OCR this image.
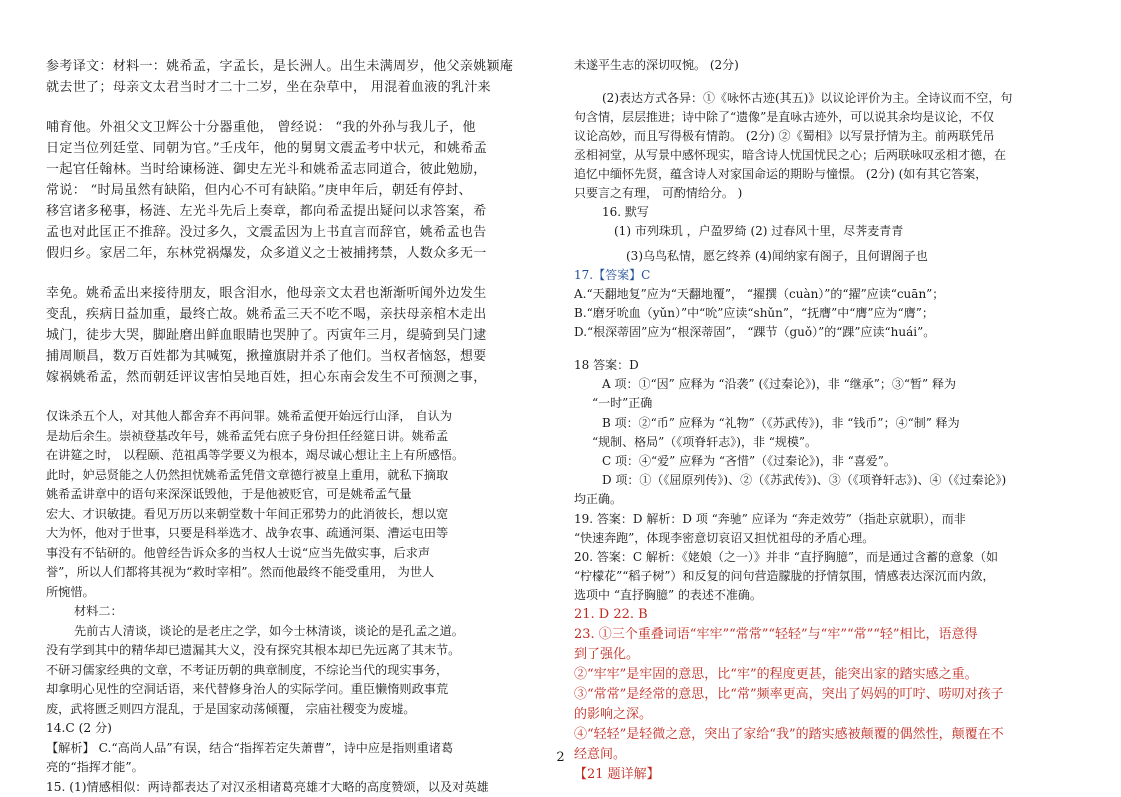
参考译文：材料一：姚希孟，字孟长，是长洲人。出生未满周岁，他父亲姚颖庵
就去世了；母亲文太君当时才二十二岁，坐在杂草中， 用混着血液的乳汁来
哺育他。外祖父文卫辉公十分器重他， 曾经说： “我的外孙与我儿子，他
日定当位列廷堂、同朝为官。”壬戌年，他的舅舅文震孟考中状元，和姚希孟
一起官任翰林。当时给谏杨涟、御史左光斗和姚希孟志同道合，彼此勉励，
常说： “时局虽然有缺陷，但内心不可有缺陷。”庚申年后，朝廷有停封、
移宫诸多秘事，杨涟、左光斗先后上奏章，都向希孟提出疑问以求答案，希
孟也对此匡正不推辞。没过多久，文震孟因为上书直言而辞官，姚希孟也告
假归乡。家居二年，东林党祸爆发，众多道义之士被捕拷禁，人数众多无一
幸免。姚希孟出来接待朋友，眼含泪水，他母亲文太君也渐渐听闻外边发生
变乱，疾病日益加重，最终亡故。姚希孟三天不吃不喝，亲扶母亲棺木走出
城门，徒步大哭，脚趾磨出鲜血眼睛也哭肿了。丙寅年三月，缇骑到吴门逮
捕周顺昌，数万百姓都为其喊冤，揪撞旗尉并杀了他们。当权者恼怒，想要
嫁祸姚希孟，然而朝廷评议害怕吴地百姓，担心东南会发生不可预测之事，
仅诛杀五个人，对其他人都舍弃不再问罪。姚希孟便开始远行山泽， 自认为
是劫后余生。崇祯登基改年号，姚希孟凭右庶子身份担任经筵日讲。姚希孟
在讲筵之时， 以程颐、范祖禹等学要义为根本，竭尽诚心想让主上有所感悟。
此时，妒忌贤能之人仍然担忧姚希孟凭借文章德行被皇上重用，就私下摘取
姚希孟讲章中的语句来深深诋毁他，于是他被贬官，可是姚希孟气量
宏大、才识敏捷。看见万历以来朝堂数十年间正邪势力的此消彼长，想以宽
大为怀，他对于世事，只要是科举选才、战争农事、疏通河渠、漕运屯田等
事没有不钻研的。他曾经告诉众多的当权人士说“应当先做实事，后求声
誉”，所以人们都将其视为“救时宰相”。然而他最终不能受重用， 为世人
所惋惜。
材料二：
先前古人清谈，谈论的是老庄之学，如今士林清谈，谈论的是孔孟之道。
没有学到其中的精华却已遗漏其大义，没有探究其根本却已先远离了其末节。
不研习儒家经典的文章，不考证历朝的典章制度，不综论当代的现实事务，
却拿明心见性的空洞话语，来代替修身治人的实际学问。重臣懒惰则政事荒
废，武将匮乏则四方混乱，于是国家动荡倾覆， 宗庙社稷变为废墟。
14.C (2 分)
【解析】 C.“高尚人品”有误，结合“指挥若定失萧曹”，诗中应是指则重诸葛
亮的“指挥才能”。
15. (1)情感相似：两诗都表达了对汉丞相诸葛亮雄才大略的高度赞颂，以及对英雄
未遂平生志的深切叹惋。 (2分)
(2)表达方式各异：①《咏怀古迹(其五)》以议论评价为主。全诗议而不空，句
句含情，层层推进；诗中除了“遗像”是直咏古迹外，可以说其余均是议论，不仅
议论高妙，而且写得极有情韵。 (2分) ②《蜀相》以写景抒情为主。前两联凭吊
丞相祠堂，从写景中感怀现实，暗含诗人忧国忧民之心；后两联咏叹丞相才德，在
追忆中缅怀先贤，蕴含诗人对家国命运的期盼与憧憬。 (2分) (如有其它答案，
只要言之有理， 可酌情给分。 )
16. 默写
(1) 市列珠玑 ，户盈罗绮 (2) 过春风十里，尽荠麦青青
(3)乌鸟私情，愿乞终养 (4)闻纳家有阁子，且何谓阁子也
17.【答案】C
A.“天翻地复”应为“天翻地覆”， “擢撰（cuàn）”的“擢”应读“cuān”；
B.“磨牙吮血（yǔn）”中“吮”应读“shǔn”，“抚膺”中“膺”应为“膺”；
D.“根深蒂固”应为“根深蒂固”， “踝节（guǒ）”的“踝”应读“huái”。
18 答案：D
A 项：①“因” 应释为 “沿袭” (《过秦论》)，非 “继承”；③“暂” 释为
“一时”正确
B 项：②“币” 应释为 “礼物”（《苏武传》)，非 “钱币”；④“制” 释为
“规制、格局”（《项脊轩志》)，非 “规模”。
C 项：④“爱” 应释为 “吝惜”（《过秦论》)，非 “喜爱”。
D 项：①（《屈原列传》)、②（《苏武传》)、③（《项脊轩志》)、④（《过秦论》)
均正确。
19. 答案：D 解析：D 项 “奔驰” 应译为 “奔走效劳”（指赴京就职），而非
“快速奔跑”，体现李密意切哀诏又担忧祖母的矛盾心理。
20. 答案：C 解析：《姥娘（之一）》并非 “直抒胸臆”，而是通过含蓄的意象（如
“柠檬花”“稻子树”）和反复的问句营造朦胧的抒情氛围，情感表达深沉而内敛，
选项中 “直抒胸臆” 的表述不准确。
21. D 22. B
23. ①三个重叠词语“牢牢”“常常”“轻轻”与“牢”“常”“轻”相比，语意得
到了强化。
②“牢牢”是牢固的意思，比“牢”的程度更甚，能突出家的踏实感之重。
③“常常”是经常的意思，比“常”频率更高，突出了妈妈的叮咛、唠叨对孩子
的影响之深。
④“轻轻”是轻微之意，突出了家给“我”的踏实感被颠覆的偶然性，颠覆在不
经意间。
【21 题详解】
2
